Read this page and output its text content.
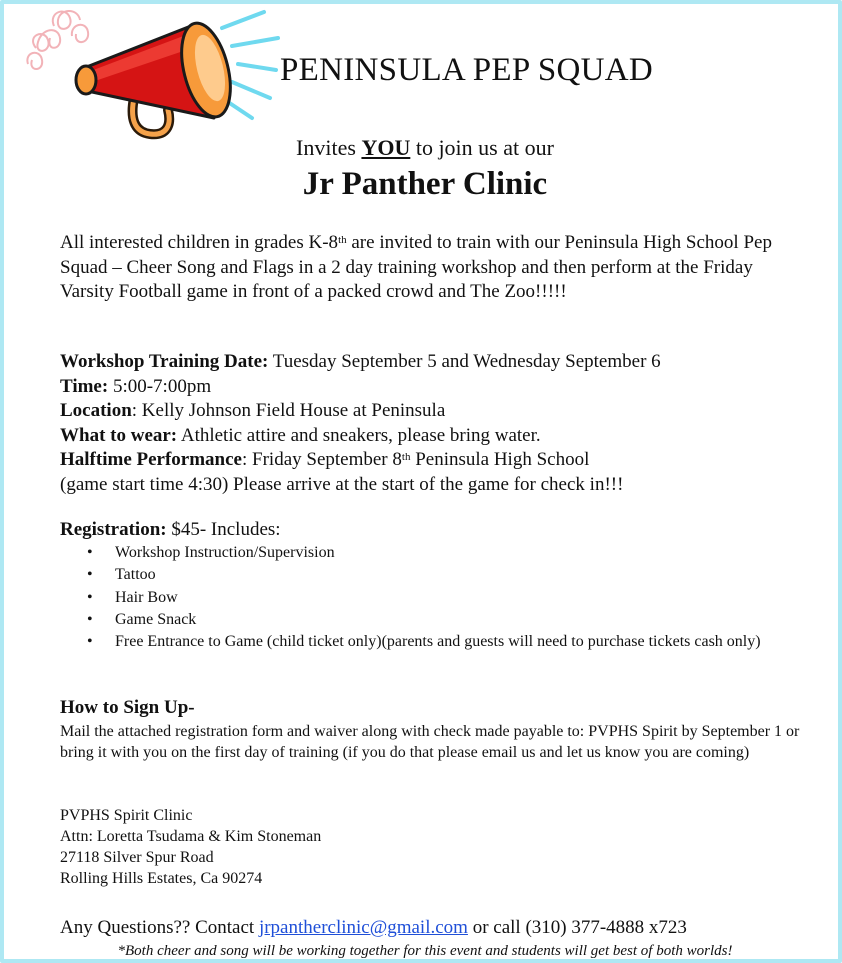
PENINSULA PEP SQUAD
Invites YOU to join us at our
Jr Panther Clinic

All interested children in grades K-8th are invited to train with our Peninsula High School Pep Squad – Cheer Song and Flags in a 2 day training workshop and then perform at the Friday Varsity Football game in front of a packed crowd and The Zoo!!!!!

Workshop Training Date: Tuesday September 5 and Wednesday September 6
Time: 5:00-7:00pm
Location: Kelly Johnson Field House at Peninsula
What to wear: Athletic attire and sneakers, please bring water.
Halftime Performance: Friday September 8th Peninsula High School
(game start time 4:30) Please arrive at the start of the game for check in!!!
Registration: $45- Includes:
• Workshop Instruction/Supervision
• Tattoo
• Hair Bow
• Game Snack
• Free Entrance to Game (child ticket only)(parents and guests will need to purchase tickets cash only)
How to Sign Up-

Mail the attached registration form and waiver along with check made payable to: PVPHS Spirit by September 1 or bring it with you on the first day of training (if you do that please email us and let us know you are coming)

PVPHS Spirit Clinic
Attn: Loretta Tsudama & Kim Stoneman
27118 Silver Spur Road
Rolling Hills Estates, Ca 90274
Any Questions?? Contact jrpantherclinic@gmail.com or call (310) 377-4888 x723
*Both cheer and song will be working together for this event and students will get best of both worlds!
